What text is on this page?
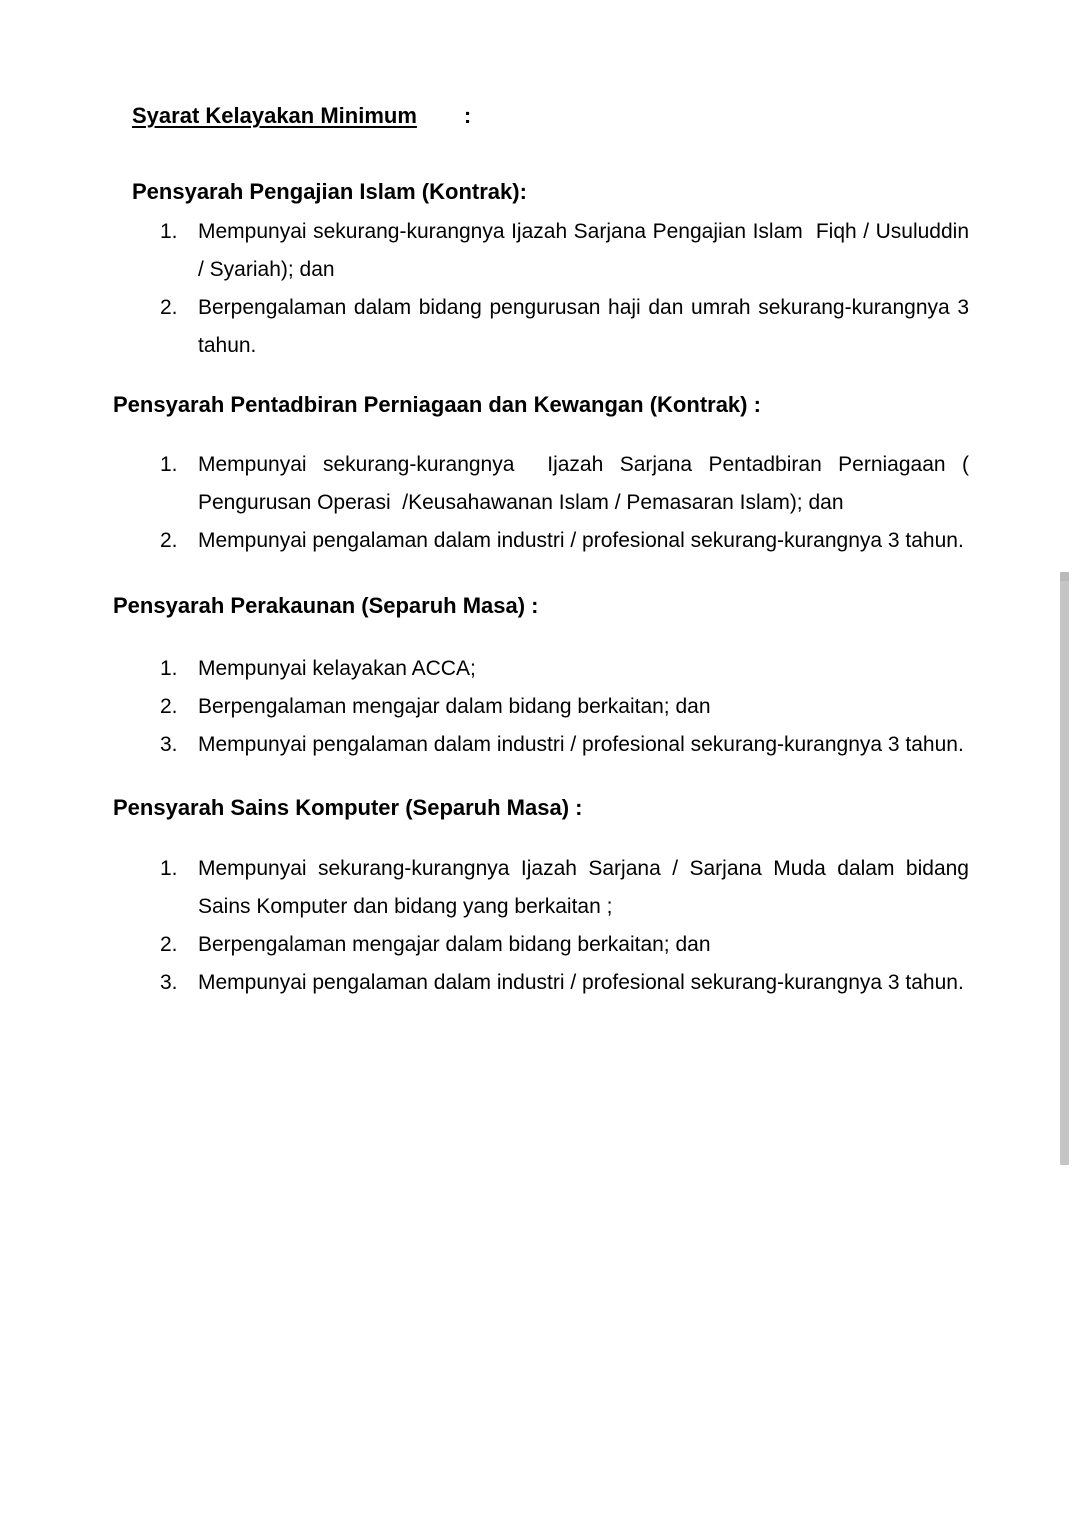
Syarat Kelayakan Minimum :

Pensyarah Pengajian Islam (Kontrak):
1. Mempunyai sekurang-kurangnya Ijazah Sarjana Pengajian Islam  Fiqh / Usuluddin / Syariah); dan
2. Berpengalaman dalam bidang pengurusan haji dan umrah sekurang-kurangnya 3 tahun.
Pensyarah Pentadbiran Perniagaan dan Kewangan (Kontrak) :
1. Mempunyai sekurang-kurangnya  Ijazah Sarjana Pentadbiran Perniagaan ( Pengurusan Operasi  /Keusahawanan Islam / Pemasaran Islam); dan
2. Mempunyai pengalaman dalam industri / profesional sekurang-kurangnya 3 tahun.
Pensyarah Perakaunan (Separuh Masa) :
1. Mempunyai kelayakan ACCA;
2. Berpengalaman mengajar dalam bidang berkaitan; dan
3. Mempunyai pengalaman dalam industri / profesional sekurang-kurangnya 3 tahun.
Pensyarah Sains Komputer (Separuh Masa) :
1. Mempunyai sekurang-kurangnya Ijazah Sarjana / Sarjana Muda dalam bidang Sains Komputer dan bidang yang berkaitan ;
2. Berpengalaman mengajar dalam bidang berkaitan; dan
3. Mempunyai pengalaman dalam industri / profesional sekurang-kurangnya 3 tahun.
